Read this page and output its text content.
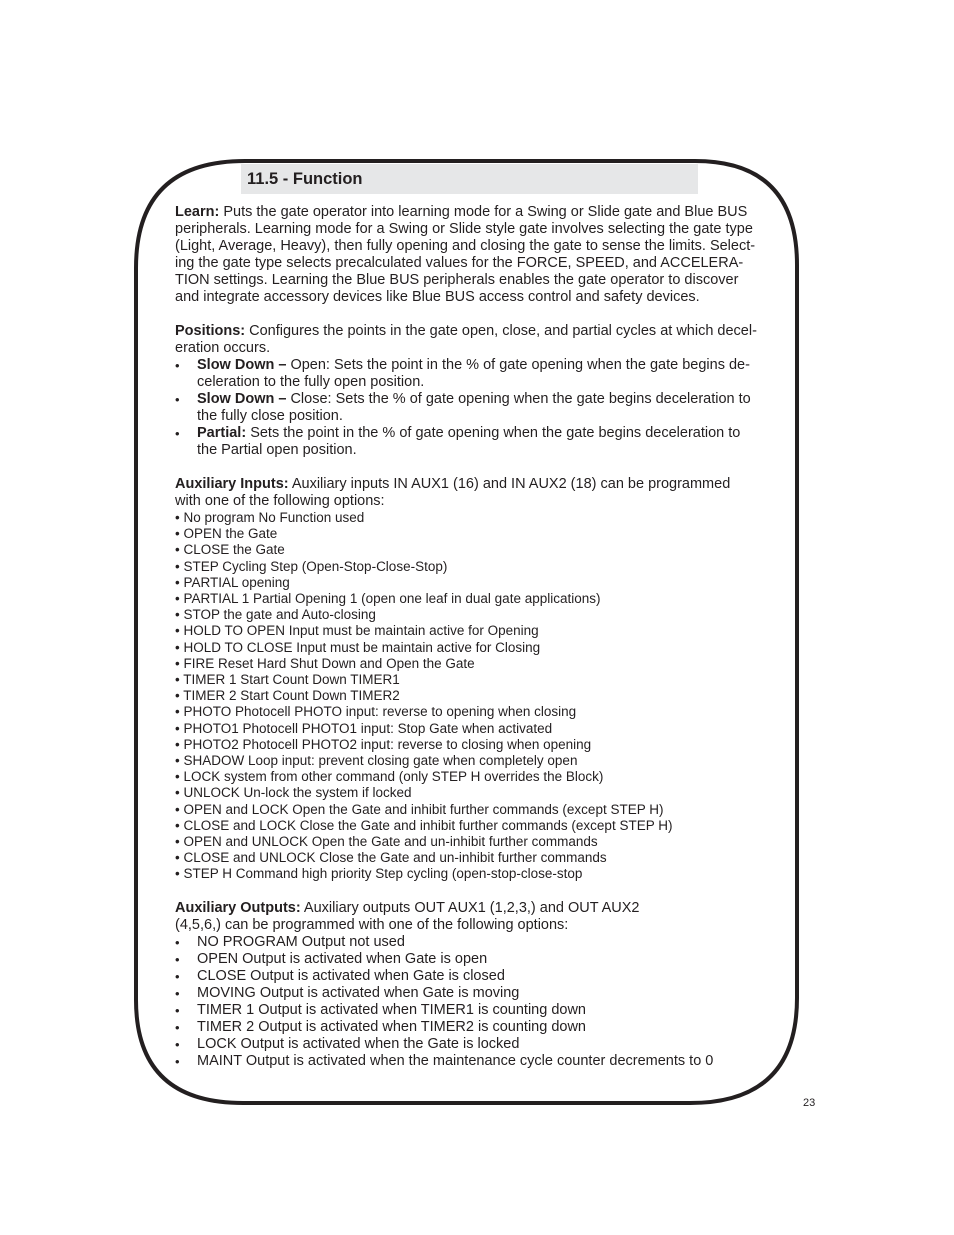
11.5 - Function

Learn: Puts the gate operator into learning mode for a Swing or Slide gate and Blue BUS

peripherals. Learning mode for a Swing or Slide style gate involves selecting the gate type

(Light, Average, Heavy), then fully opening and closing the gate to sense the limits. Select-

ing the gate type selects precalculated values for the FORCE, SPEED, and ACCELERA-

TION settings. Learning the Blue BUS peripherals enables the gate operator to discover

and integrate accessory devices like Blue BUS access control and safety devices.

Positions: Configures the points in the gate open, close, and partial cycles at which decel-

eration occurs.

• Slow Down – Open: Sets the point in the % of gate opening when the gate begins de-
celeration to the fully open position.
• Slow Down – Close: Sets the % of gate opening when the gate begins deceleration to
the fully close position.
• Partial: Sets the point in the % of gate opening when the gate begins deceleration to
the Partial open position.

Auxiliary Inputs: Auxiliary inputs IN AUX1 (16) and IN AUX2 (18) can be programmed

with one of the following options:

• No program No Function used
• OPEN the Gate
• CLOSE the Gate
• STEP Cycling Step (Open-Stop-Close-Stop)
• PARTIAL opening
• PARTIAL 1 Partial Opening 1 (open one leaf in dual gate applications)
• STOP the gate and Auto-closing
• HOLD TO OPEN Input must be maintain active for Opening
• HOLD TO CLOSE Input must be maintain active for Closing
• FIRE Reset Hard Shut Down and Open the Gate
• TIMER 1 Start Count Down TIMER1
• TIMER 2 Start Count Down TIMER2
• PHOTO Photocell PHOTO input: reverse to opening when closing
• PHOTO1 Photocell PHOTO1 input: Stop Gate when activated
• PHOTO2 Photocell PHOTO2 input: reverse to closing when opening
• SHADOW Loop input: prevent closing gate when completely open
• LOCK system from other command (only STEP H overrides the Block)
• UNLOCK Un-lock the system if locked
• OPEN and LOCK Open the Gate and inhibit further commands (except STEP H)
• CLOSE and LOCK Close the Gate and inhibit further commands (except STEP H)
• OPEN and UNLOCK Open the Gate and un-inhibit further commands
• CLOSE and UNLOCK Close the Gate and un-inhibit further commands
• STEP H Command high priority Step cycling (open-stop-close-stop

Auxiliary Outputs: Auxiliary outputs OUT AUX1 (1,2,3,) and OUT AUX2

(4,5,6,) can be programmed with one of the following options:

• NO PROGRAM Output not used
• OPEN Output is activated when Gate is open
• CLOSE Output is activated when Gate is closed
• MOVING Output is activated when Gate is moving
• TIMER 1 Output is activated when TIMER1 is counting down
• TIMER 2 Output is activated when TIMER2 is counting down
• LOCK Output is activated when the Gate is locked
• MAINT Output is activated when the maintenance cycle counter decrements to 0
23
